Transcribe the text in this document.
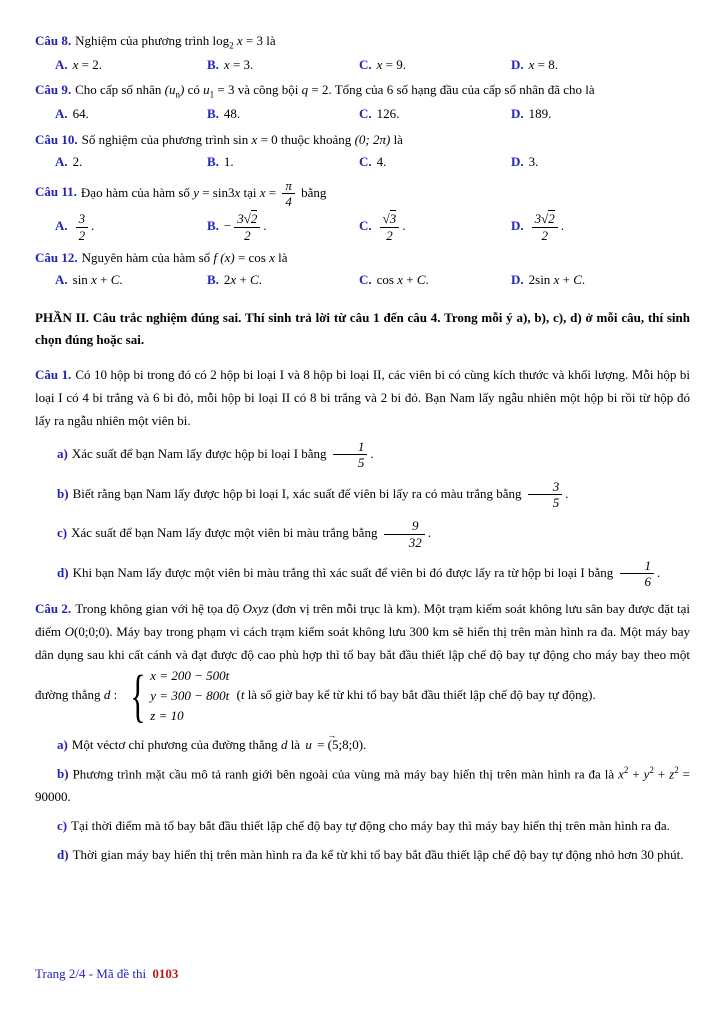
Câu 8. Nghiệm của phương trình $\log_2 x = 3$ là
A. x = 2.	B. x = 3.	C. x = 9.	D. x = 8.
Câu 9. Cho cấp số nhân $(u_n)$ có $u_1 = 3$ và công bội q = 2. Tổng của 6 số hạng đầu của cấp số nhân đã cho là
A. 64.	B. 48.	C. 126.	D. 189.
Câu 10. Số nghiệm của phương trình sin x = 0 thuộc khoảng (0; 2π) là
A. 2.	B. 1.	C. 4.	D. 3.
Câu 11. Đạo hàm của hàm số y = sin3x tại $x = \frac{\pi}{4}$ bằng
A. $\frac{3}{2}$ .	B. − $\frac{3√2}{2}$ .	C. $\frac{√3}{2}$ .	D. $\frac{3√2}{2}$ .
Câu 12. Nguyên hàm của hàm số f (x) = cos x là
A. sin x + C.	B. 2x + C.	C. cos x + C.	D. 2sin x + C.

PHẦN II. Câu trắc nghiệm đúng sai. Thí sinh trả lời từ câu 1 đến câu 4. Trong mỗi ý a), b), c), d) ở mỗi câu, thí sinh chọn đúng hoặc sai.

Câu 1. Có 10 hộp bi trong đó có 2 hộp bi loại I và 8 hộp bi loại II, các viên bi có cùng kích thước và khối lượng. Mỗi hộp bi loại I có 4 bi trắng và 6 bi đỏ, mỗi hộp bi loại II có 8 bi trắng và 2 bi đỏ. Bạn Nam lấy ngẫu nhiên một hộp bi rồi từ hộp đó lấy ra ngẫu nhiên một viên bi.
a) Xác suất để bạn Nam lấy được hộp bi loại I bằng $\frac{1}{5}$ .
b) Biết rằng bạn Nam lấy được hộp bi loại I, xác suất để viên bi lấy ra có màu trắng bằng $\frac{3}{5}$ .
c) Xác suất để bạn Nam lấy được một viên bi màu trắng bằng $\frac{9}{32}$ .
d) Khi bạn Nam lấy được một viên bi màu trắng thì xác suất để viên bi đó được lấy ra từ hộp bi loại I bằng $\frac{1}{6}$ .
Câu 2. Trong không gian với hệ tọa độ Oxyz (đơn vị trên mỗi trục là km). Một trạm kiểm soát không lưu sân bay được đặt tại điểm O(0;0;0). Máy bay trong phạm vi cách trạm kiểm soát không lưu 300 km sẽ hiển thị trên màn hình ra đa. Một máy bay dân dụng sau khi cất cánh và đạt được độ cao phù hợp thì tổ bay bắt đầu thiết lập chế độ bay tự động cho máy bay theo một đường thẳng d : { x = 200 − 500t
y = 300 − 800t
z = 10
(t là số giờ bay kể từ khi tổ bay bắt đầu thiết lập chế độ bay tự động).
a) Một véctơ chỉ phương của đường thẳng d là u → = (5;8;0).
b) Phương trình mặt cầu mô tả ranh giới bên ngoài của vùng mà máy bay hiển thị trên màn hình ra đa là $x^2 + y^2 + z^2 = 90000$.
c) Tại thời điểm mà tổ bay bắt đầu thiết lập chế độ bay tự động cho máy bay thì máy bay hiển thị trên màn hình ra đa.
d) Thời gian máy bay hiển thị trên màn hình ra đa kể từ khi tổ bay bắt đầu thiết lập chế độ bay tự động nhỏ hơn 30 phút.
Trang 2/4 - Mã đề thi 0103
